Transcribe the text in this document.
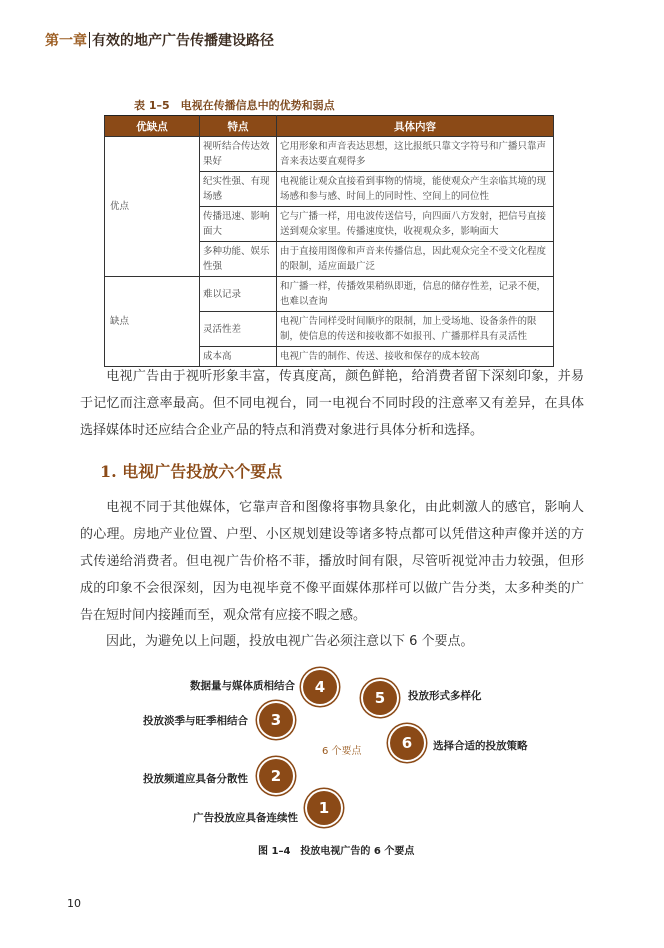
第一章 有效的地产广告传播建设路径
表 1–5　电视在传播信息中的优势和弱点
优缺点	特点	具体内容
优点	视听结合传达效果好	它用形象和声音表达思想，这比报纸只靠文字符号和广播只靠声音来表达要直观得多
	纪实性强、有现场感	电视能让观众直接看到事物的情境，能使观众产生亲临其境的现场感和参与感、时间上的同时性、空间上的同位性
	传播迅速、影响面大	它与广播一样，用电波传送信号，向四面八方发射，把信号直接送到观众家里。传播速度快，收视观众多，影响面大
	多种功能、娱乐性强	由于直接用图像和声音来传播信息，因此观众完全不受文化程度的限制，适应面最广泛
缺点	难以记录	和广播一样，传播效果稍纵即逝，信息的储存性差，记录不便，也难以查询
	灵活性差	电视广告同样受时间顺序的限制，加上受场地、设备条件的限制，使信息的传送和接收都不如报刊、广播那样具有灵活性
	成本高	电视广告的制作、传送、接收和保存的成本较高
电视广告由于视听形象丰富，传真度高，颜色鲜艳，给消费者留下深刻印象，并易于记忆而注意率最高。但不同电视台，同一电视台不同时段的注意率又有差异，在具体选择媒体时还应结合企业产品的特点和消费对象进行具体分析和选择。
1. 电视广告投放六个要点
电视不同于其他媒体，它靠声音和图像将事物具象化，由此刺激人的感官，影响人的心理。房地产业位置、户型、小区规划建设等诸多特点都可以凭借这种声像并送的方式传递给消费者。但电视广告价格不菲，播放时间有限，尽管听视觉冲击力较强，但形成的印象不会很深刻，因为电视毕竟不像平面媒体那样可以做广告分类，太多种类的广告在短时间内接踵而至，观众常有应接不暇之感。
因此，为避免以上问题，投放电视广告必须注意以下 6 个要点。
4
数据量与媒体质相结合
5	投放形式多样化
3
投放淡季与旺季相结合
6	选择合适的投放策略
6 个要点
2
投放频道应具备分散性
1
广告投放应具备连续性
图 1–4　投放电视广告的 6 个要点
10
